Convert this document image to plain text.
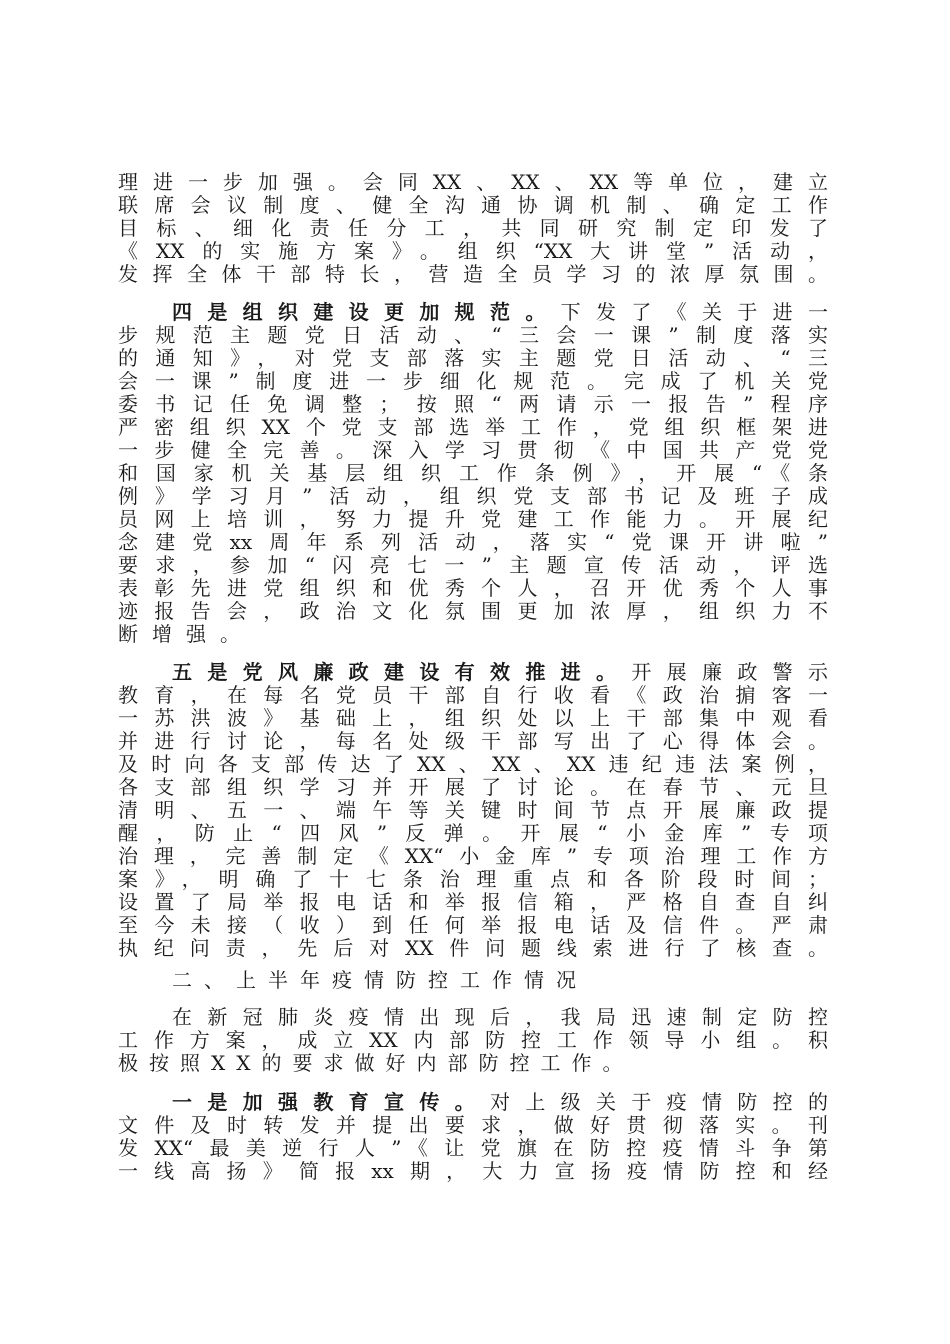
理进一步加强。会同XX、XX、XX等单位，建立
联席会议制度、健全沟通协调机制、确定工作
目标、细化责任分工，共同研究制定印发了
《XX的实施方案》。组织“XX大讲堂”活动，
发挥全体干部特长，营造全员学习的浓厚氛围。
四是组织建设更加规范。下发了《关于进一
步规范主题党日活动、“三会一课”制度落实
的通知》，对党支部落实主题党日活动、“三
会一课”制度进一步细化规范。完成了机关党
委书记任免调整；按照“两请示一报告”程序
严密组织XX个党支部选举工作，党组织框架进
一步健全完善。深入学习贯彻《中国共产党党
和国家机关基层组织工作条例》，开展“《条
例》学习月”活动，组织党支部书记及班子成
员网上培训，努力提升党建工作能力。开展纪
念建党xx周年系列活动，落实“党课开讲啦”
要求，参加“闪亮七一”主题宣传活动，评选
表彰先进党组织和优秀个人，召开优秀个人事
迹报告会，政治文化氛围更加浓厚，组织力不
断增强。
五是党风廉政建设有效推进。开展廉政警示
教育，在每名党员干部自行收看《政治掮客一
一苏洪波》基础上，组织处以上干部集中观看
并进行讨论，每名处级干部写出了心得体会。
及时向各支部传达了XX、XX、XX违纪违法案例，
各支部组织学习并开展了讨论。在春节、元旦
清明、五一、端午等关键时间节点开展廉政提
醒，防止“四风”反弹。开展“小金库”专项
治理，完善制定《XX“小金库”专项治理工作方
案》，明确了十七条治理重点和各阶段时间；
设置了局举报电话和举报信箱，严格自查自纠
至今未接（收）到任何举报电话及信件。严肃
执纪问责，先后对XX件问题线索进行了核查。
二、上半年疫情防控工作情况
在新冠肺炎疫情出现后，我局迅速制定防控
工作方案，成立XX内部防控工作领导小组。积
极按照XX的要求做好内部防控工作。
一是加强教育宣传。对上级关于疫情防控的
文件及时转发并提出要求，做好贯彻落实。刊
发XX“最美逆行人”《让党旗在防控疫情斗争第
一线高扬》简报xx期，大力宣扬疫情防控和经
